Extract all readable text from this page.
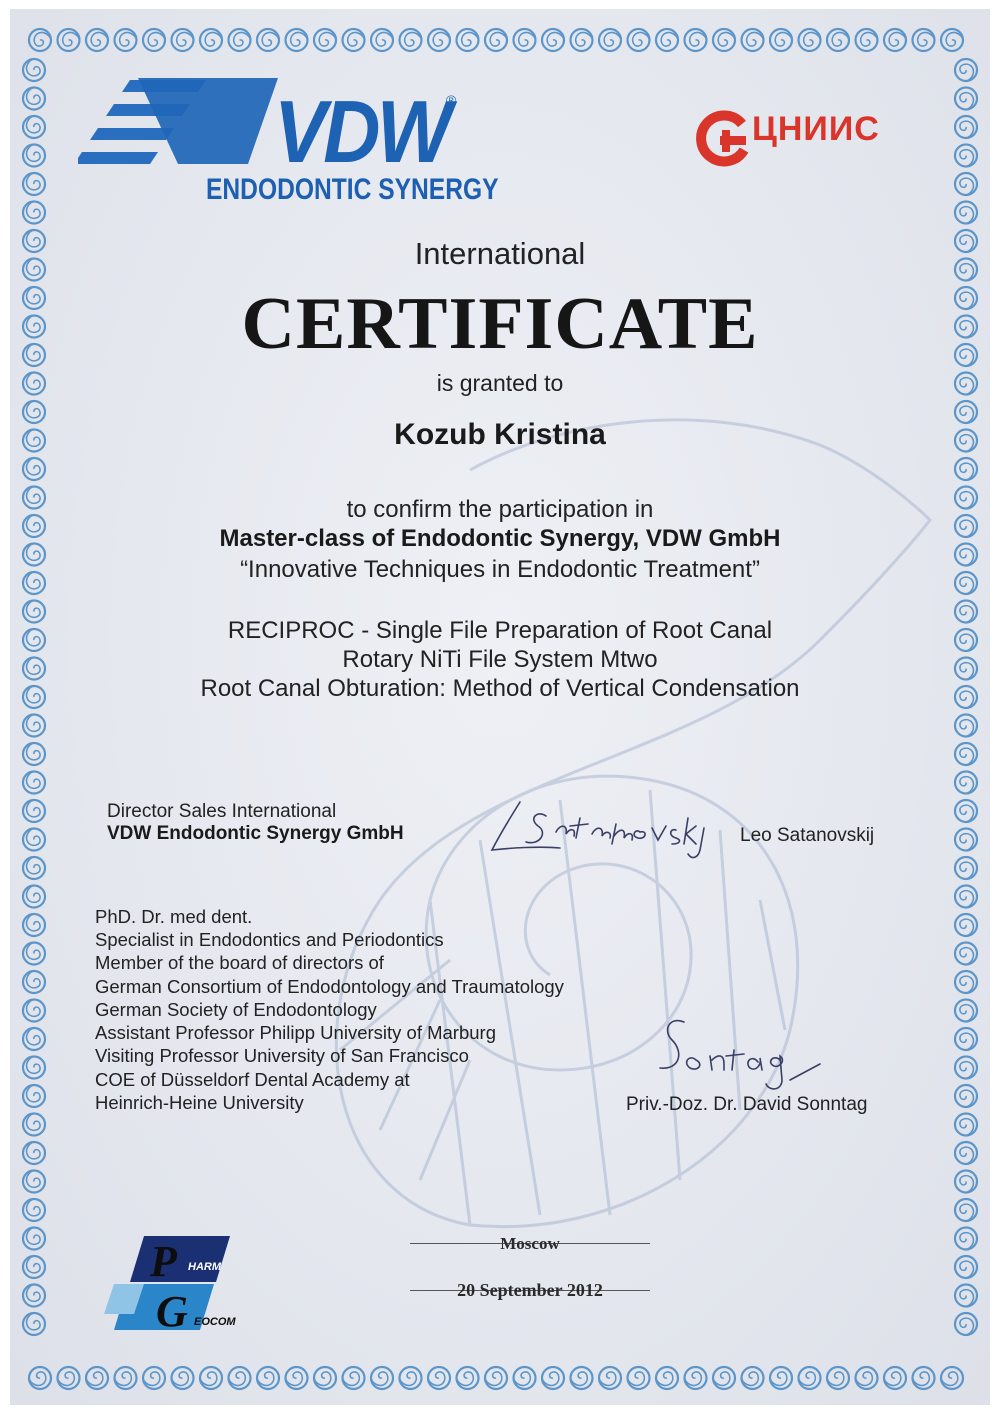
VDW
®
ENDODONTIC SYNERGY
ЦНИИС
International
CERTIFICATE
is granted to
Kozub Kristina
to confirm the participation in
Master-class of Endodontic Synergy, VDW GmbH
“Innovative Techniques in Endodontic Treatment”
RECIPROC - Single File Preparation of Root Canal
Rotary NiTi File System Mtwo
Root Canal Obturation: Method of Vertical Condensation
Director Sales International
VDW Endodontic Synergy GmbH	Leo Satanovskij
PhD. Dr. med dent.
Specialist in Endodontics and Periodontics
Member of the board of directors of
German Consortium of Endodontology and Traumatology
German Society of Endodontology
Assistant Professor Philipp University of Marburg
Visiting Professor University of San Francisco
COE of Düsseldorf Dental Academy at
Heinrich-Heine University	Priv.-Doz. Dr. David Sonntag
Moscow
20 September 2012
P HARM
G EOCOM
